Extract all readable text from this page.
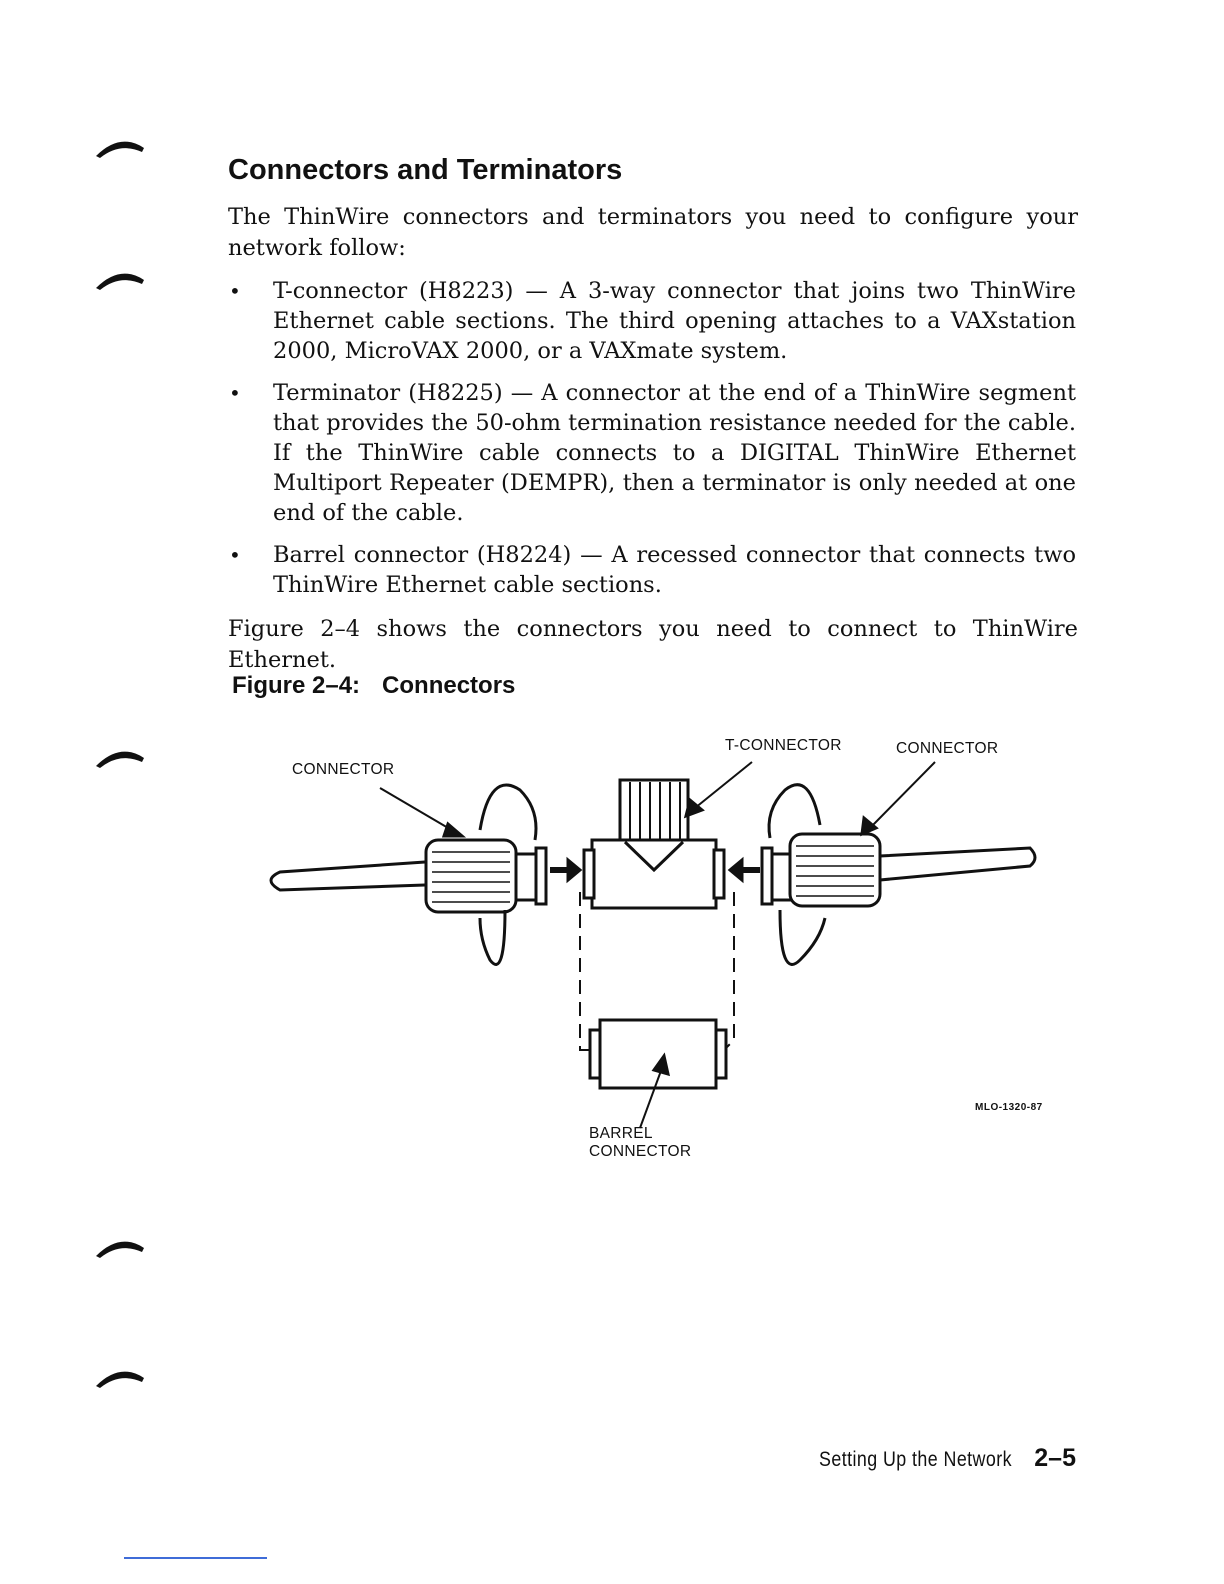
Connectors and Terminators

The ThinWire connectors and terminators you need to configure your network follow:

• T-connector (H8223) — A 3-way connector that joins two ThinWire Ethernet cable sections. The third opening attaches to a VAXstation 2000, MicroVAX 2000, or a VAXmate system.
• Terminator (H8225) — A connector at the end of a ThinWire segment that provides the 50-ohm termination resistance needed for the cable. If the ThinWire cable connects to a DIGITAL ThinWire Ethernet Multiport Repeater (DEMPR), then a terminator is only needed at one end of the cable.
• Barrel connector (H8224) — A recessed connector that connects two ThinWire Ethernet cable sections.

Figure 2–4 shows the connectors you need to connect to ThinWire Ethernet.

Figure 2–4: Connectors

CONNECTOR

T-CONNECTOR	CONNECTOR

BARREL

CONNECTOR

MLO-1320-87
Setting Up the Network 2–5
